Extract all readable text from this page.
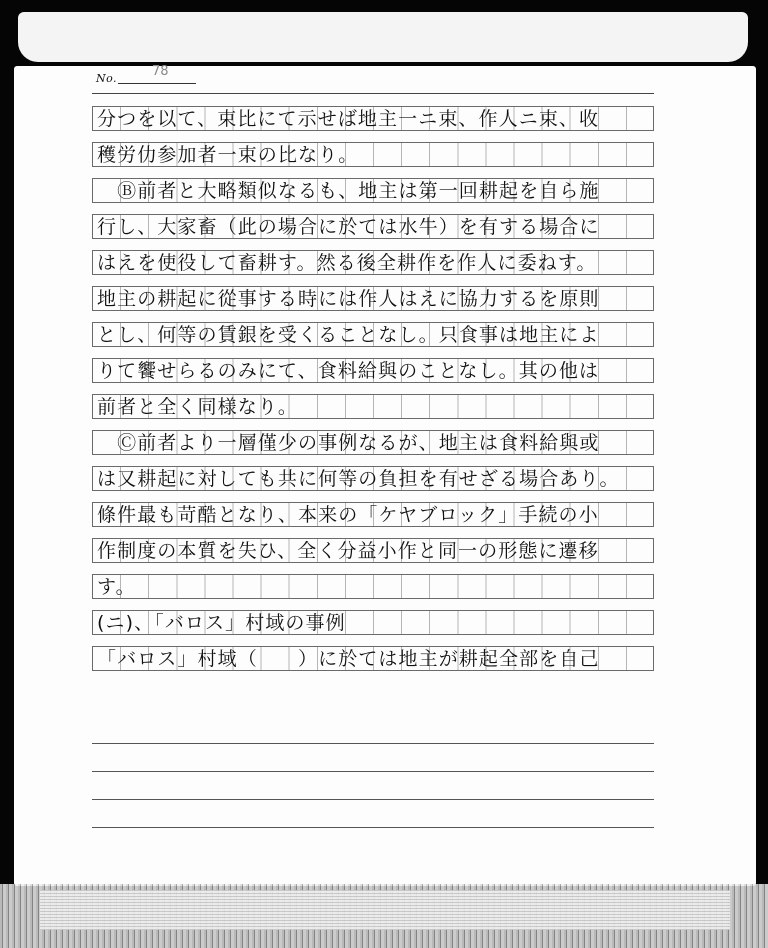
No.	78
分つを以て、束比にて示せば地主一ニ束、作人ニ束、收
穫労仂参加者一束の比なり。
　Ⓑ前者と大略類似なるも、地主は第一回耕起を自ら施
行し、大家畜（此の場合に於ては水牛）を有する場合に
はえを使役して畜耕す。然る後全耕作を作人に委ねす。
地主の耕起に從事する時には作人はえに協力するを原則
とし、何等の賃銀を受くることなし。只食事は地主によ
りて饗せらるのみにて、食料給與のことなし。其の他は
前者と全く同様なり。
　Ⓒ前者より一層僅少の事例なるが、地主は食料給與或
は又耕起に対しても共に何等の負担を有せざる場合あり。
條件最も苛酷となり、本来の「ケヤブロック」手続の小
作制度の本質を失ひ、全く分益小作と同一の形態に遷移
す。
(ニ)、「バロス」村域の事例
「バロス」村域（　　）に於ては地主が耕起全部を自己
